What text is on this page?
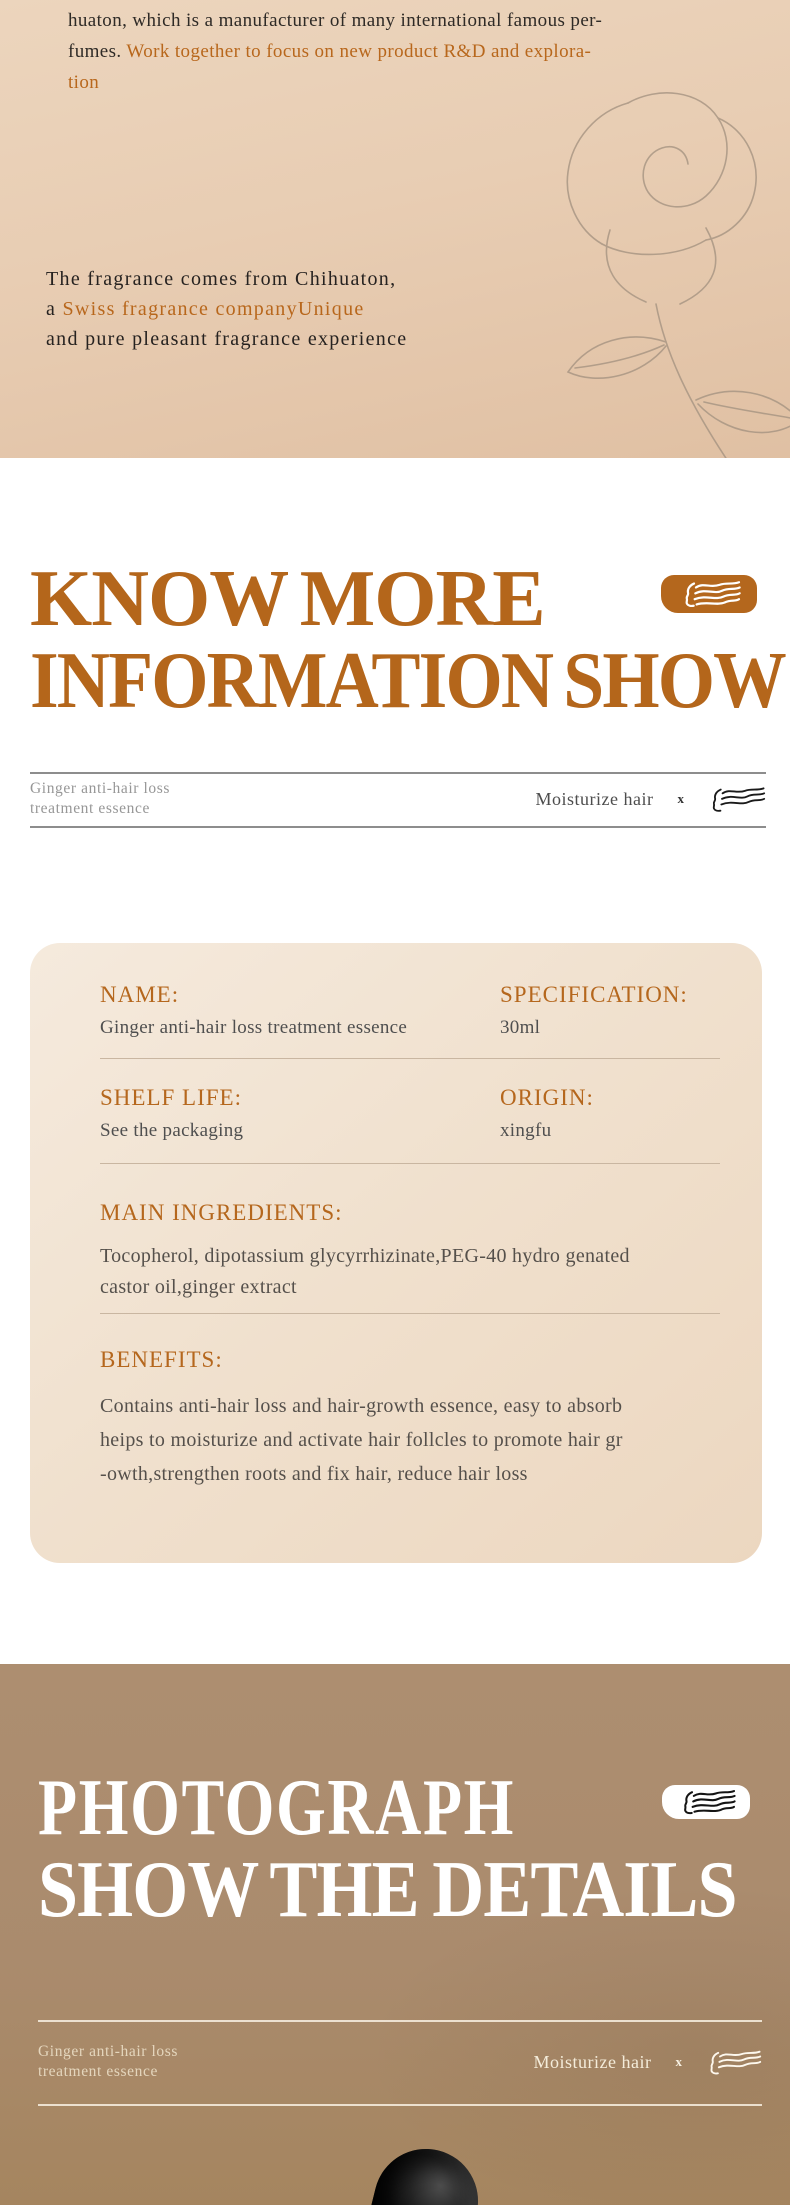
huaton, which is a manufacturer of many international famous per-
fumes. Work together to focus on new product R&D and explora-
tion
The fragrance comes from Chihuaton,
a Swiss fragrance companyUnique
and pure pleasant fragrance experience
KNOW MORE
INFORMATION SHOW
Ginger anti-hair loss
treatment essence	Moisturize hair x
NAME:
Ginger anti-hair loss treatment essence
SPECIFICATION:
30ml
SHELF LIFE:
See the packaging
ORIGIN:
xingfu
MAIN INGREDIENTS:
Tocopherol, dipotassium glycyrrhizinate,PEG-40 hydro genated
castor oil,ginger extract
BENEFITS:
Contains anti-hair loss and hair-growth essence, easy to absorb
heips to moisturize and activate hair follcles to promote hair gr
-owth,strengthen roots and fix hair, reduce hair loss
PHOTOGRAPH
SHOW THE DETAILS
Ginger anti-hair loss
treatment essence	Moisturize hair x
